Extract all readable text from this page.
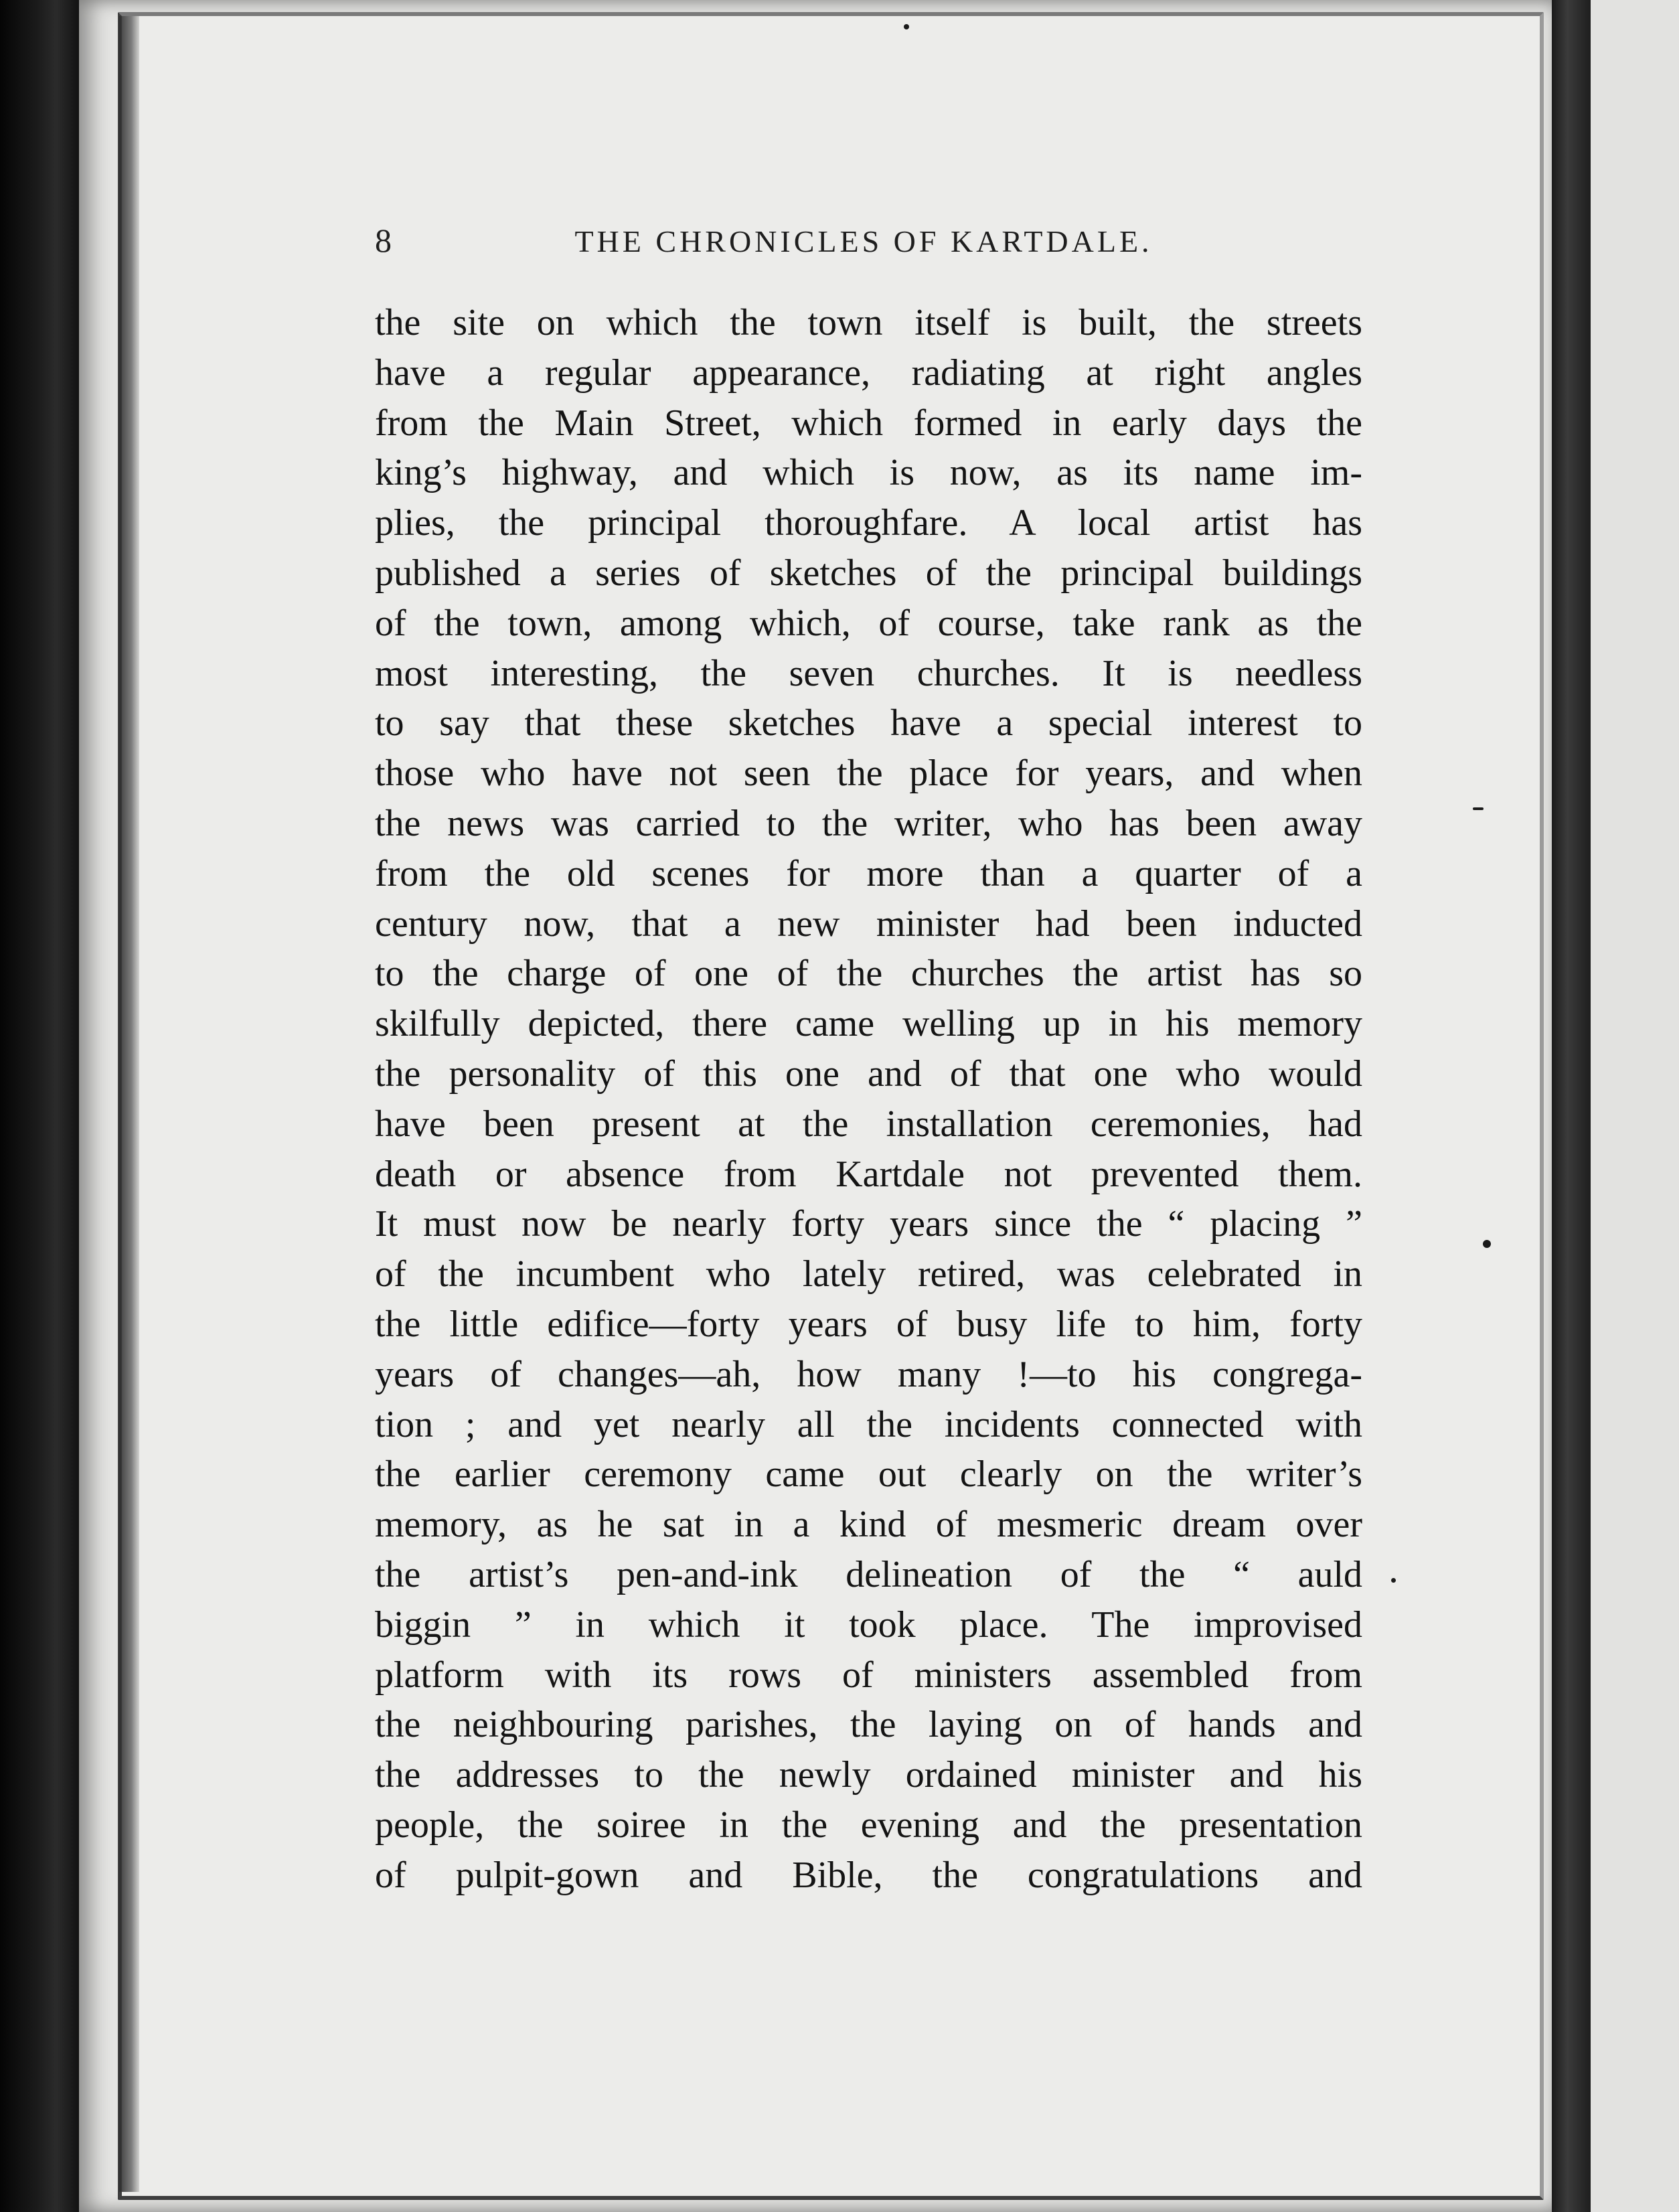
8	THE CHRONICLES OF KARTDALE.
the site on which the town itself is built, the streets
have a regular appearance, radiating at right angles
from the Main Street, which formed in early days the
king’s highway, and which is now, as its name im-
plies, the principal thoroughfare. A local artist has
published a series of sketches of the principal buildings
of the town, among which, of course, take rank as the
most interesting, the seven churches. It is needless
to say that these sketches have a special interest to
those who have not seen the place for years, and when
the news was carried to the writer, who has been away
from the old scenes for more than a quarter of a
century now, that a new minister had been inducted
to the charge of one of the churches the artist has so
skilfully depicted, there came welling up in his memory
the personality of this one and of that one who would
have been present at the installation ceremonies, had
death or absence from Kartdale not prevented them.
It must now be nearly forty years since the “ placing ”
of the incumbent who lately retired, was celebrated in
the little edifice—forty years of busy life to him, forty
years of changes—ah, how many !—to his congrega-
tion ; and yet nearly all the incidents connected with
the earlier ceremony came out clearly on the writer’s
memory, as he sat in a kind of mesmeric dream over
the artist’s pen-and-ink delineation of the “ auld
biggin ” in which it took place. The improvised
platform with its rows of ministers assembled from
the neighbouring parishes, the laying on of hands and
the addresses to the newly ordained minister and his
people, the soiree in the evening and the presentation
of pulpit-gown and Bible, the congratulations and
